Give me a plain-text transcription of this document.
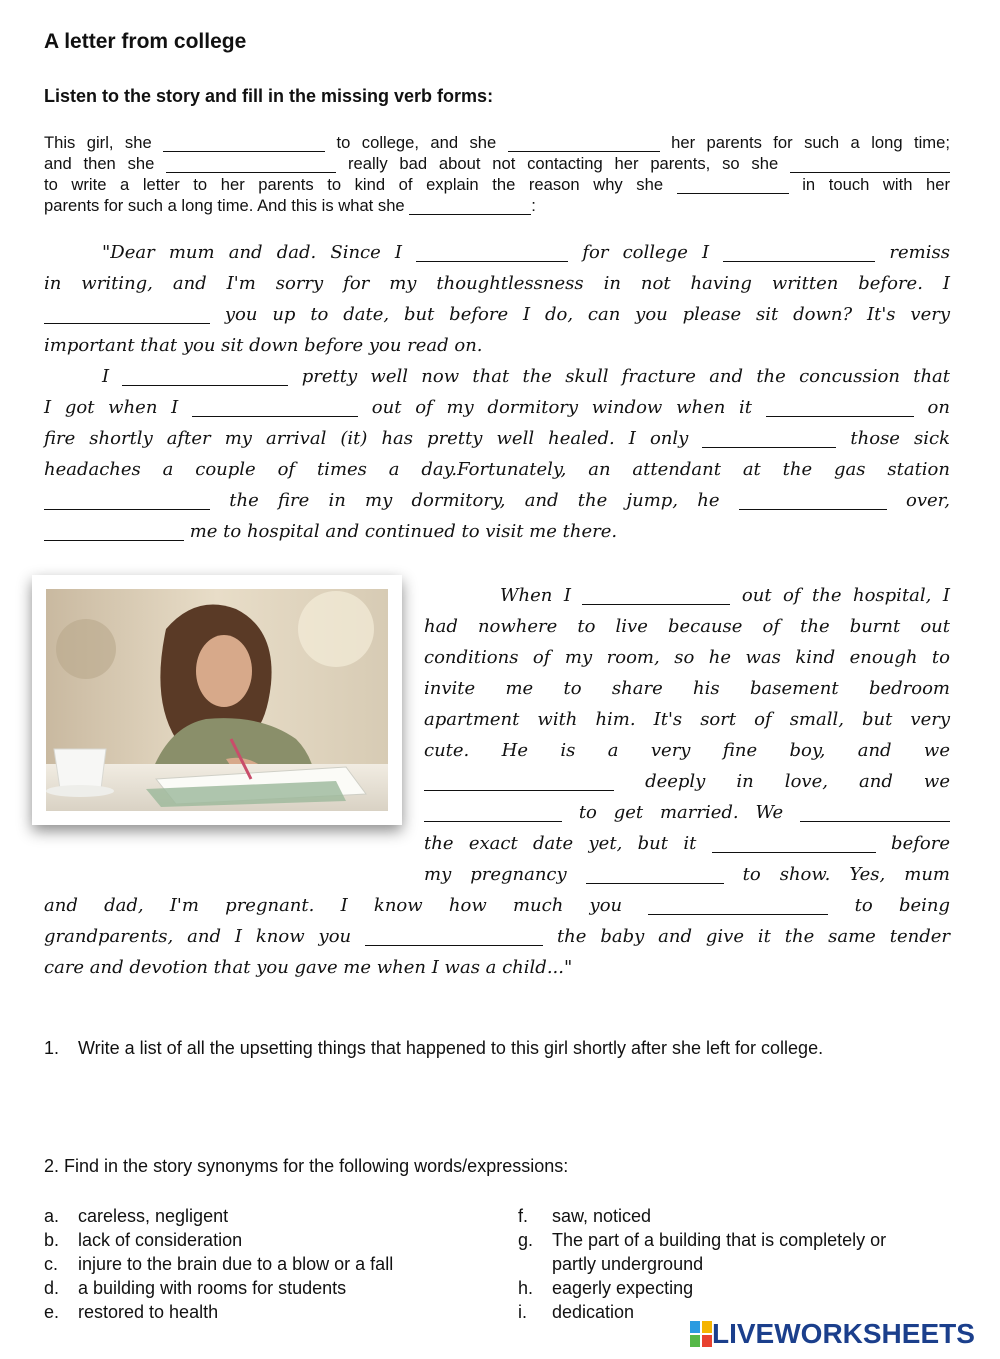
A letter from college
Listen to the story and fill in the missing verb forms:
This girl, she	to college, and she	her parents for such a long time;
and then she	really bad about not contacting her parents, so she
to write a letter to her parents to kind of explain the reason why she	in touch with her
parents for such a long time. And this is what she	:
"Dear mum and dad. Since I	for college I	remiss
in writing, and I'm sorry for my thoughtlessness in not having written before. I
you up to date, but before I do, can you please sit down? It's very
important that you sit down before you read on.
I	pretty well now that the skull fracture and the concussion that
I got when I	out of my dormitory window when it	on
fire shortly after my arrival (it) has pretty well healed. I only	those sick
headaches a couple of times a day.Fortunately, an attendant at the gas station
the fire in my dormitory, and the jump, he	over,
me to hospital and continued to visit me there.
When I	out of the hospital, I
had nowhere to live because of the burnt out
conditions of my room, so he was kind enough to
invite me to share his basement bedroom
apartment with him. It's sort of small, but very
cute. He is a very fine boy, and we
deeply in love, and we
to get married. We
the exact date yet, but it	before
my pregnancy	to show. Yes, mum
and dad, I'm pregnant. I know how much you	to being
grandparents, and I know you	the baby and give it the same tender
care and devotion that you gave me when I was a child..."
1. Write a list of all the upsetting things that happened to this girl shortly after she left for college.
2. Find in the story synonyms for the following words/expressions:
a. careless, negligent
b. lack of consideration
c. injure to the brain due to a blow or a fall
d. a building with rooms for students
e. restored to health
f. saw, noticed
g. The part of a building that is completely or
partly underground
h. eagerly expecting
i. dedication
LIVEWORKSHEETS
